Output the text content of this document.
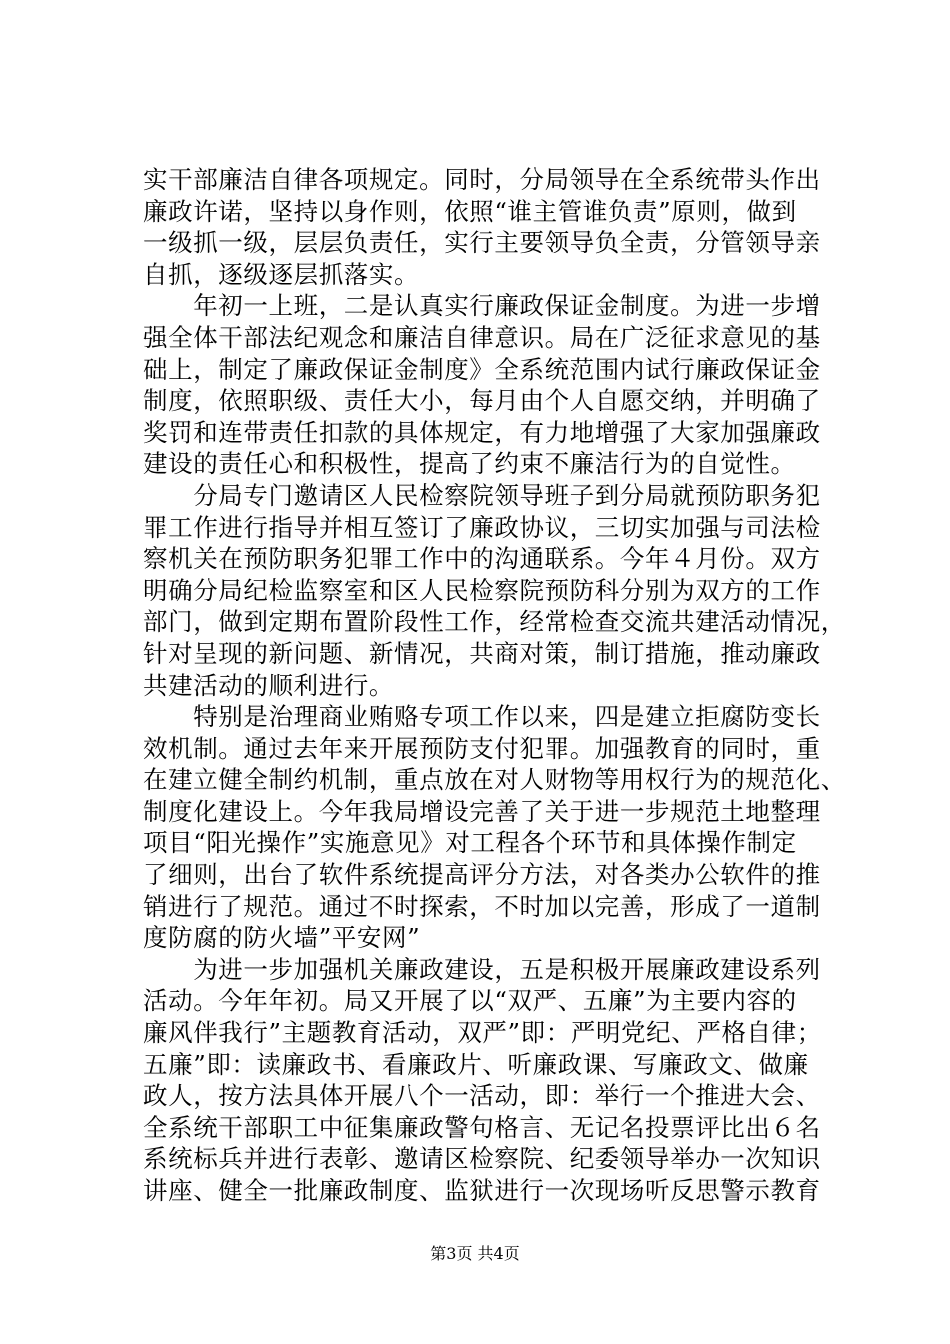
实干部廉洁自律各项规定。同时，分局领导在全系统带头作出
廉政许诺，坚持以身作则，依照“谁主管谁负责”原则，做到
一级抓一级，层层负责任，实行主要领导负全责，分管领导亲
自抓，逐级逐层抓落实。
　　年初一上班，二是认真实行廉政保证金制度。为进一步增
强全体干部法纪观念和廉洁自律意识。局在广泛征求意见的基
础上，制定了廉政保证金制度》全系统范围内试行廉政保证金
制度，依照职级、责任大小，每月由个人自愿交纳，并明确了
奖罚和连带责任扣款的具体规定，有力地增强了大家加强廉政
建设的责任心和积极性，提高了约束不廉洁行为的自觉性。
　　分局专门邀请区人民检察院领导班子到分局就预防职务犯
罪工作进行指导并相互签订了廉政协议，三切实加强与司法检
察机关在预防职务犯罪工作中的沟通联系。今年４月份。双方
明确分局纪检监察室和区人民检察院预防科分别为双方的工作
部门，做到定期布置阶段性工作，经常检查交流共建活动情况，
针对呈现的新问题、新情况，共商对策，制订措施，推动廉政
共建活动的顺利进行。
　　特别是治理商业贿赂专项工作以来，四是建立拒腐防变长
效机制。通过去年来开展预防支付犯罪。加强教育的同时，重
在建立健全制约机制，重点放在对人财物等用权行为的规范化、
制度化建设上。今年我局增设完善了关于进一步规范土地整理
项目“阳光操作”实施意见》对工程各个环节和具体操作制定
了细则，出台了软件系统提高评分方法，对各类办公软件的推
销进行了规范。通过不时探索，不时加以完善，形成了一道制
度防腐的防火墙”平安网”
　　为进一步加强机关廉政建设，五是积极开展廉政建设系列
活动。今年年初。局又开展了以“双严、五廉”为主要内容的
廉风伴我行”主题教育活动，双严”即：严明党纪、严格自律；
五廉”即：读廉政书、看廉政片、听廉政课、写廉政文、做廉
政人，按方法具体开展八个一活动，即：举行一个推进大会、
全系统干部职工中征集廉政警句格言、无记名投票评比出６名
系统标兵并进行表彰、邀请区检察院、纪委领导举办一次知识
讲座、健全一批廉政制度、监狱进行一次现场听反思警示教育
第3页 共4页
